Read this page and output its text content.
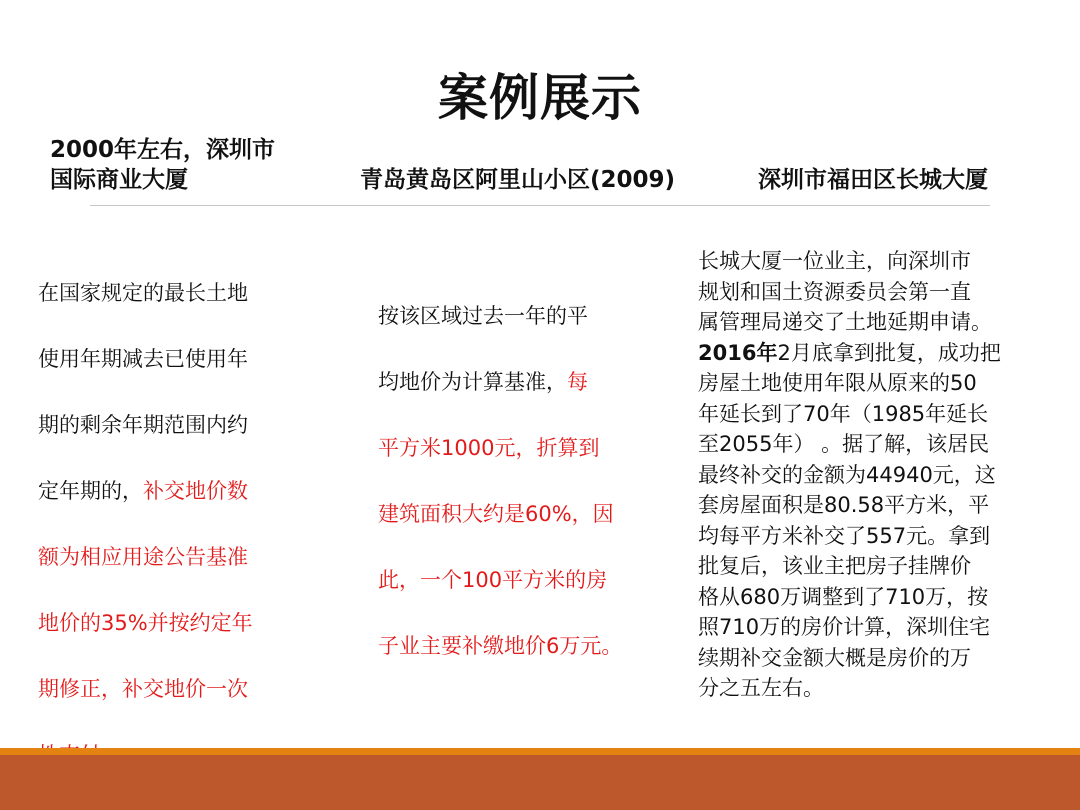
案例展示
2000年左右，深圳市
国际商业大厦	青岛黄岛区阿里山小区(2009)	深圳市福田区长城大厦
在国家规定的最长土地
使用年期减去已使用年
期的剩余年期范围内约
定年期的，补交地价数
额为相应用途公告基准
地价的35%并按约定年
期修正，补交地价一次
按该区域过去一年的平
均地价为计算基准，每
平方米1000元，折算到
建筑面积大约是60%，因
此，一个100平方米的房
子业主要补缴地价6万元。
长城大厦一位业主，向深圳市
规划和国土资源委员会第一直
属管理局递交了土地延期申请。
2016年2月底拿到批复，成功把
房屋土地使用年限从原来的50
年延长到了70年（1985年延长
至2055年） 。据了解，该居民
最终补交的金额为44940元，这
套房屋面积是80.58平方米，平
均每平方米补交了557元。拿到
批复后，该业主把房子挂牌价
格从680万调整到了710万，按
照710万的房价计算，深圳住宅
续期补交金额大概是房价的万
分之五左右。
